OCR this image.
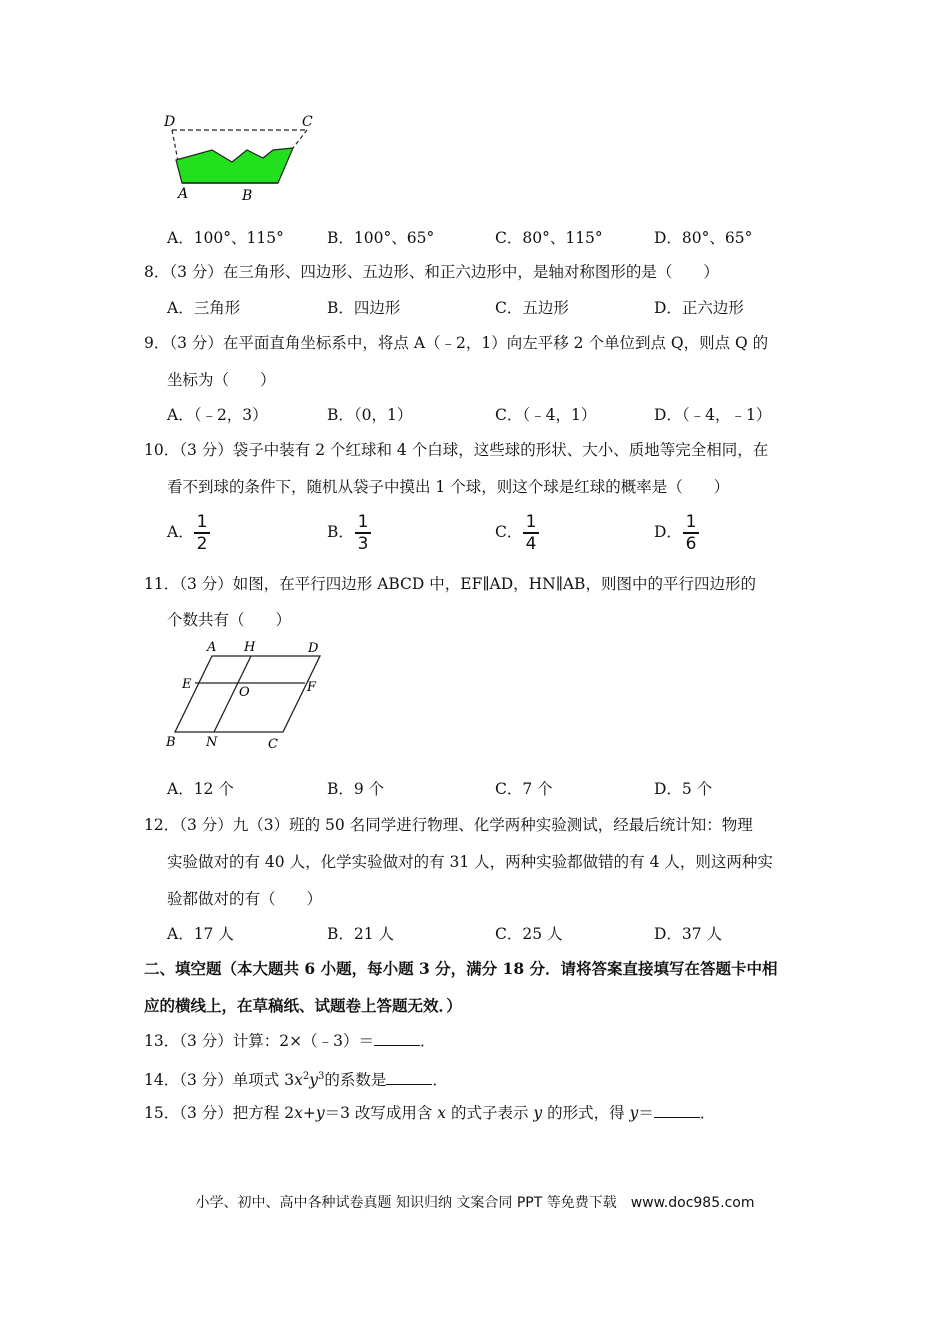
D	C
A	B
A．100°、115°	B．100°、65°	C．80°、115°	D．80°、65°
8．（3 分）在三角形、四边形、五边形、和正六边形中，是轴对称图形的是（　　）
A．三角形	B．四边形	C．五边形	D．正六边形
9．（3 分）在平面直角坐标系中，将点 A（﹣2，1）向左平移 2 个单位到点 Q，则点 Q 的
坐标为（　　）
A．（﹣2，3）	B．（0，1）	C．（﹣4，1）	D．（﹣4，﹣1）
10．（3 分）袋子中装有 2 个红球和 4 个白球，这些球的形状、大小、质地等完全相同，在
看不到球的条件下，随机从袋子中摸出 1 个球，则这个球是红球的概率是（　　）
A． 1
2
B． 1
3
C． 1
4
D． 1
6
11．（3 分）如图，在平行四边形 ABCD 中，EF∥AD，HN∥AB，则图中的平行四边形的
个数共有（　　）
A H	D
E
O	F
B N	C
A．12 个	B．9 个	C．7 个	D．5 个
12．（3 分）九（3）班的 50 名同学进行物理、化学两种实验测试，经最后统计知：物理
实验做对的有 40 人，化学实验做对的有 31 人，两种实验都做错的有 4 人，则这两种实
验都做对的有（　　）
A．17 人	B．21 人	C．25 人	D．37 人
二、填空题（本大题共 6 小题，每小题 3 分，满分 18 分．请将答案直接填写在答题卡中相
应的横线上，在草稿纸、试题卷上答题无效．）
13．（3 分）计算：2×（﹣3）＝	．
14．（3 分）单项式 $3x^2y^3$的系数是	．
15．（3 分）把方程 2x+y＝3 改写成用含 x 的式子表示 y 的形式，得 y＝	．
小学、初中、高中各种试卷真题 知识归纳 文案合同 PPT 等免费下载　www.doc985.com
